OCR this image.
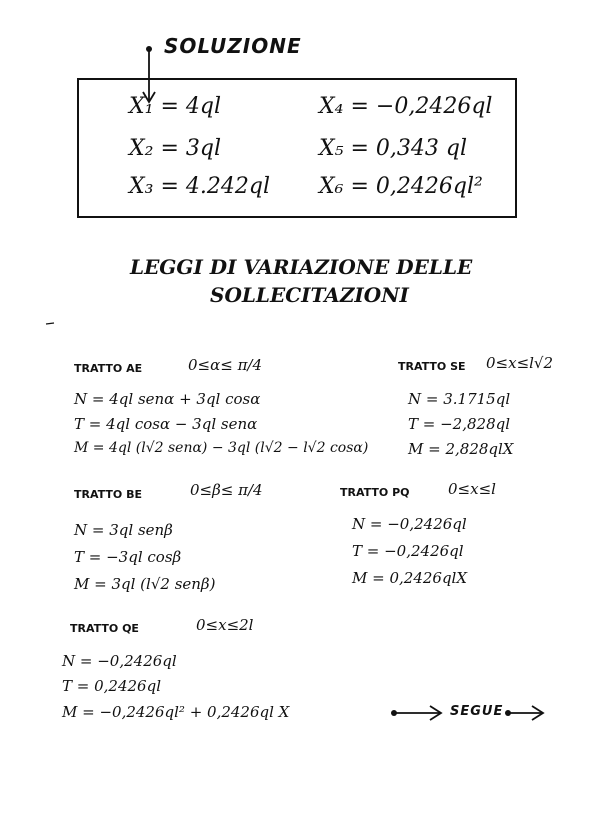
SOLUZIONE
X₁ = 4ql	X₄ = −0,2426ql
X₂ = 3ql	X₅ = 0,343 ql
X₃ = 4.242ql X₆ = 0,2426ql²
LEGGI DI VARIAZIONE DELLE
SOLLECITAZIONI
TRATTO AE	0≤α≤ π/4
N = 4ql senα + 3ql cosα
T = 4ql cosα − 3ql senα
M = 4ql (l√2 senα) − 3ql (l√2 − l√2 cosα)
TRATTO SE 0≤x≤l√2
N = 3.1715ql
T = −2,828ql
M = 2,828qlX
TRATTO BE	0≤β≤ π/4
N = 3ql senβ
T = −3ql cosβ
M = 3ql (l√2 senβ)
TRATTO PQ	0≤x≤l
N = −0,2426ql
T = −0,2426ql
M = 0,2426qlX
TRATTO QE	0≤x≤2l
N = −0,2426ql
T = 0,2426ql
M = −0,2426ql² + 0,2426ql X	SEGUE
